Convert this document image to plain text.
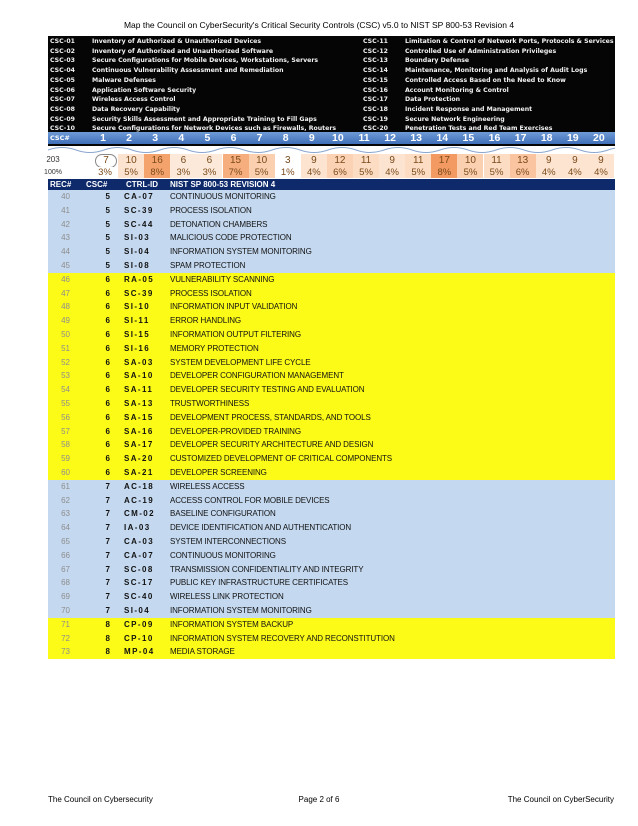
Map the Council on CyberSecurity's Critical Security Controls (CSC) v5.0 to NIST SP 800-53 Revision 4
CSC-01	Inventory of Authorized & Unauthorized Devices
CSC-02	Inventory of Authorized and Unauthorized Software
CSC-03	Secure Configurations for Mobile Devices, Workstations, Servers
CSC-04	Continuous Vulnerability Assessment and Remediation
CSC-05	Malware Defenses
CSC-06	Application Software Security
CSC-07	Wireless Access Control
CSC-08	Data Recovery Capability
CSC-09	Security Skills Assessment and Appropriate Training to Fill Gaps
CSC-10	Secure Configurations for Network Devices such as Firewalls, Routers
CSC-11	Limitation & Control of Network Ports, Protocols & Services
CSC-12	Controlled Use of Administration Privileges
CSC-13	Boundary Defense
CSC-14	Maintenance, Monitoring and Analysis of Audit Logs
CSC-15	Controlled Access Based on the Need to Know
CSC-16	Account Monitoring & Control
CSC-17	Data Protection
CSC-18	Incident Response and Management
CSC-19	Secure Network Engineering
CSC-20	Penetration Tests and Red Team Exercises
CSC#	1	2	3	4	5	6	7	8	9	10	11	12	13	14	15	16	17	18	19	20
203	7	10	16	6	6	15	10	3	9	12	11	9	11	17	10	11	13	9	9	9
100%	3%	5%	8%	3%	3%	7%	5%	1%	4%	6%	5%	4%	5%	8%	5%	5%	6%	4%	4%	4%
REC# CSC# CTRL-ID NIST SP 800-53 REVISION 4
40	5 CA-07 CONTINUOUS MONITORING
41	5 SC-39 PROCESS ISOLATION
42	5 SC-44 DETONATION CHAMBERS
43	5 SI-03 MALICIOUS CODE PROTECTION
44	5 SI-04 INFORMATION SYSTEM MONITORING
45	5 SI-08 SPAM PROTECTION
46	6 RA-05 VULNERABILITY SCANNING
47	6 SC-39 PROCESS ISOLATION
48	6 SI-10 INFORMATION INPUT VALIDATION
49	6 SI-11	ERROR HANDLING
50	6 SI-15 INFORMATION OUTPUT FILTERING
51	6 SI-16 MEMORY PROTECTION
52	6 SA-03 SYSTEM DEVELOPMENT LIFE CYCLE
53	6 SA-10 DEVELOPER CONFIGURATION MANAGEMENT
54	6 SA-11 DEVELOPER SECURITY TESTING AND EVALUATION
55	6 SA-13 TRUSTWORTHINESS
56	6 SA-15 DEVELOPMENT PROCESS, STANDARDS, AND TOOLS
57	6 SA-16 DEVELOPER-PROVIDED TRAINING
58	6 SA-17 DEVELOPER SECURITY ARCHITECTURE AND DESIGN
59	6 SA-20 CUSTOMIZED DEVELOPMENT OF CRITICAL COMPONENTS
60	6 SA-21 DEVELOPER SCREENING
61	7 AC-18 WIRELESS ACCESS
62	7 AC-19 ACCESS CONTROL FOR MOBILE DEVICES
63	7 CM-02 BASELINE CONFIGURATION
64	7 IA-03 DEVICE IDENTIFICATION AND AUTHENTICATION
65	7 CA-03 SYSTEM INTERCONNECTIONS
66	7 CA-07 CONTINUOUS MONITORING
67	7 SC-08 TRANSMISSION CONFIDENTIALITY AND INTEGRITY
68	7 SC-17 PUBLIC KEY INFRASTRUCTURE CERTIFICATES
69	7 SC-40 WIRELESS LINK PROTECTION
70	7 SI-04 INFORMATION SYSTEM MONITORING
71	8 CP-09 INFORMATION SYSTEM BACKUP
72	8 CP-10 INFORMATION SYSTEM RECOVERY AND RECONSTITUTION
73	8 MP-04 MEDIA STORAGE
The Council on Cybersecurity	Page 2 of 6	The Council on CyberSecurity
